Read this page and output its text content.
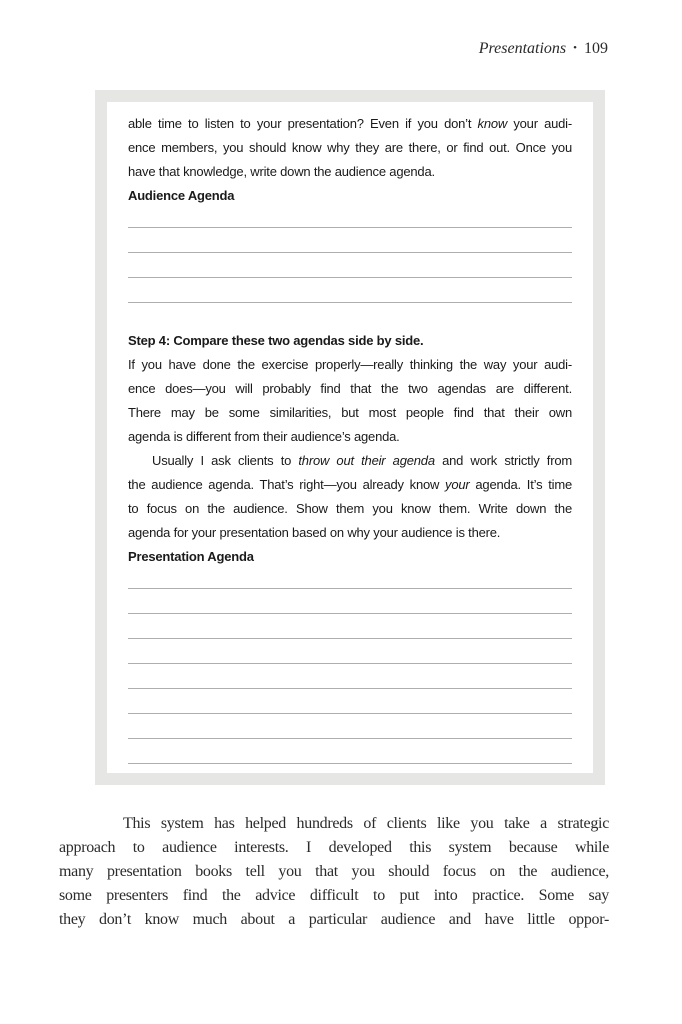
Presentations • 109
able time to listen to your presentation? Even if you don’t know your audi-
ence members, you should know why they are there, or find out. Once you
have that knowledge, write down the audience agenda.
Audience Agenda
Step 4: Compare these two agendas side by side.
If you have done the exercise properly—really thinking the way your audi-
ence does—you will probably find that the two agendas are different.
There may be some similarities, but most people find that their own
agenda is different from their audience’s agenda.
Usually I ask clients to throw out their agenda and work strictly from
the audience agenda. That’s right—you already know your agenda. It’s time
to focus on the audience. Show them you know them. Write down the
agenda for your presentation based on why your audience is there.
Presentation Agenda
This system has helped hundreds of clients like you take a strategic
approach to audience interests. I developed this system because while
many presentation books tell you that you should focus on the audience,
some presenters find the advice difficult to put into practice. Some say
they don’t know much about a particular audience and have little oppor-
